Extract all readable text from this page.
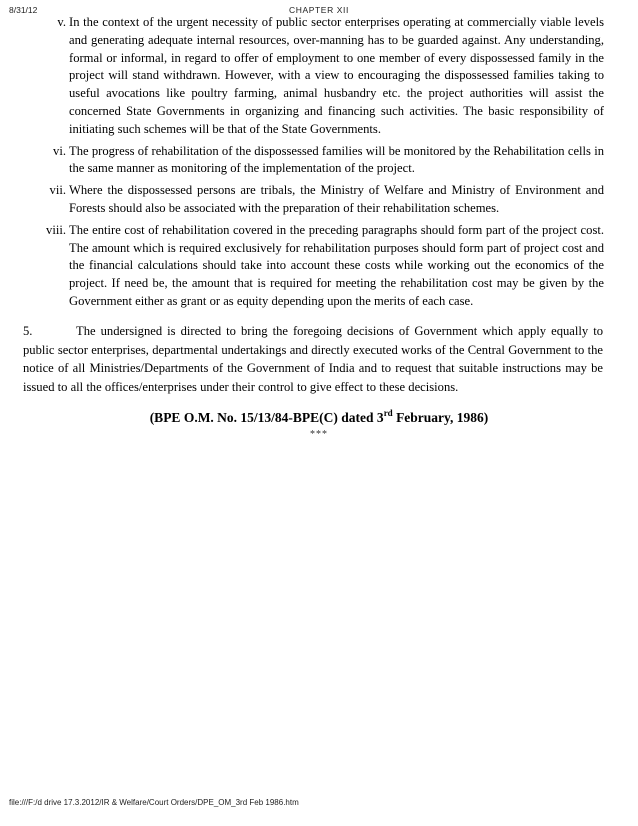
8/31/12	CHAPTER XII
v. In the context of the urgent necessity of public sector enterprises operating at commercially viable levels and generating adequate internal resources, over-manning has to be guarded against. Any understanding, formal or informal, in regard to offer of employment to one member of every dispossessed family in the project will stand withdrawn. However, with a view to encouraging the dispossessed families taking to useful avocations like poultry farming, animal husbandry etc. the project authorities will assist the concerned State Governments in organizing and financing such activities. The basic responsibility of initiating such schemes will be that of the State Governments.

vi. The progress of rehabilitation of the dispossessed families will be monitored by the Rehabilitation cells in the same manner as monitoring of the implementation of the project.

vii. Where the dispossessed persons are tribals, the Ministry of Welfare and Ministry of Environment and Forests should also be associated with the preparation of their rehabilitation schemes.

viii. The entire cost of rehabilitation covered in the preceding paragraphs should form part of the project cost. The amount which is required exclusively for rehabilitation purposes should form part of project cost and the financial calculations should take into account these costs while working out the economics of the project. If need be, the amount that is required for meeting the rehabilitation cost may be given by the Government either as grant or as equity depending upon the merits of each case.

5.	The undersigned is directed to bring the foregoing decisions of Government which apply equally to public sector enterprises, departmental undertakings and directly executed works of the Central Government to the notice of all Ministries/Departments of the Government of India and to request that suitable instructions may be issued to all the offices/enterprises under their control to give effect to these decisions.

(BPE O.M. No. 15/13/84-BPE(C) dated 3rd February, 1986)
***
file:///F:/d drive 17.3.2012/IR & Welfare/Court Orders/DPE_OM_3rd Feb 1986.htm
